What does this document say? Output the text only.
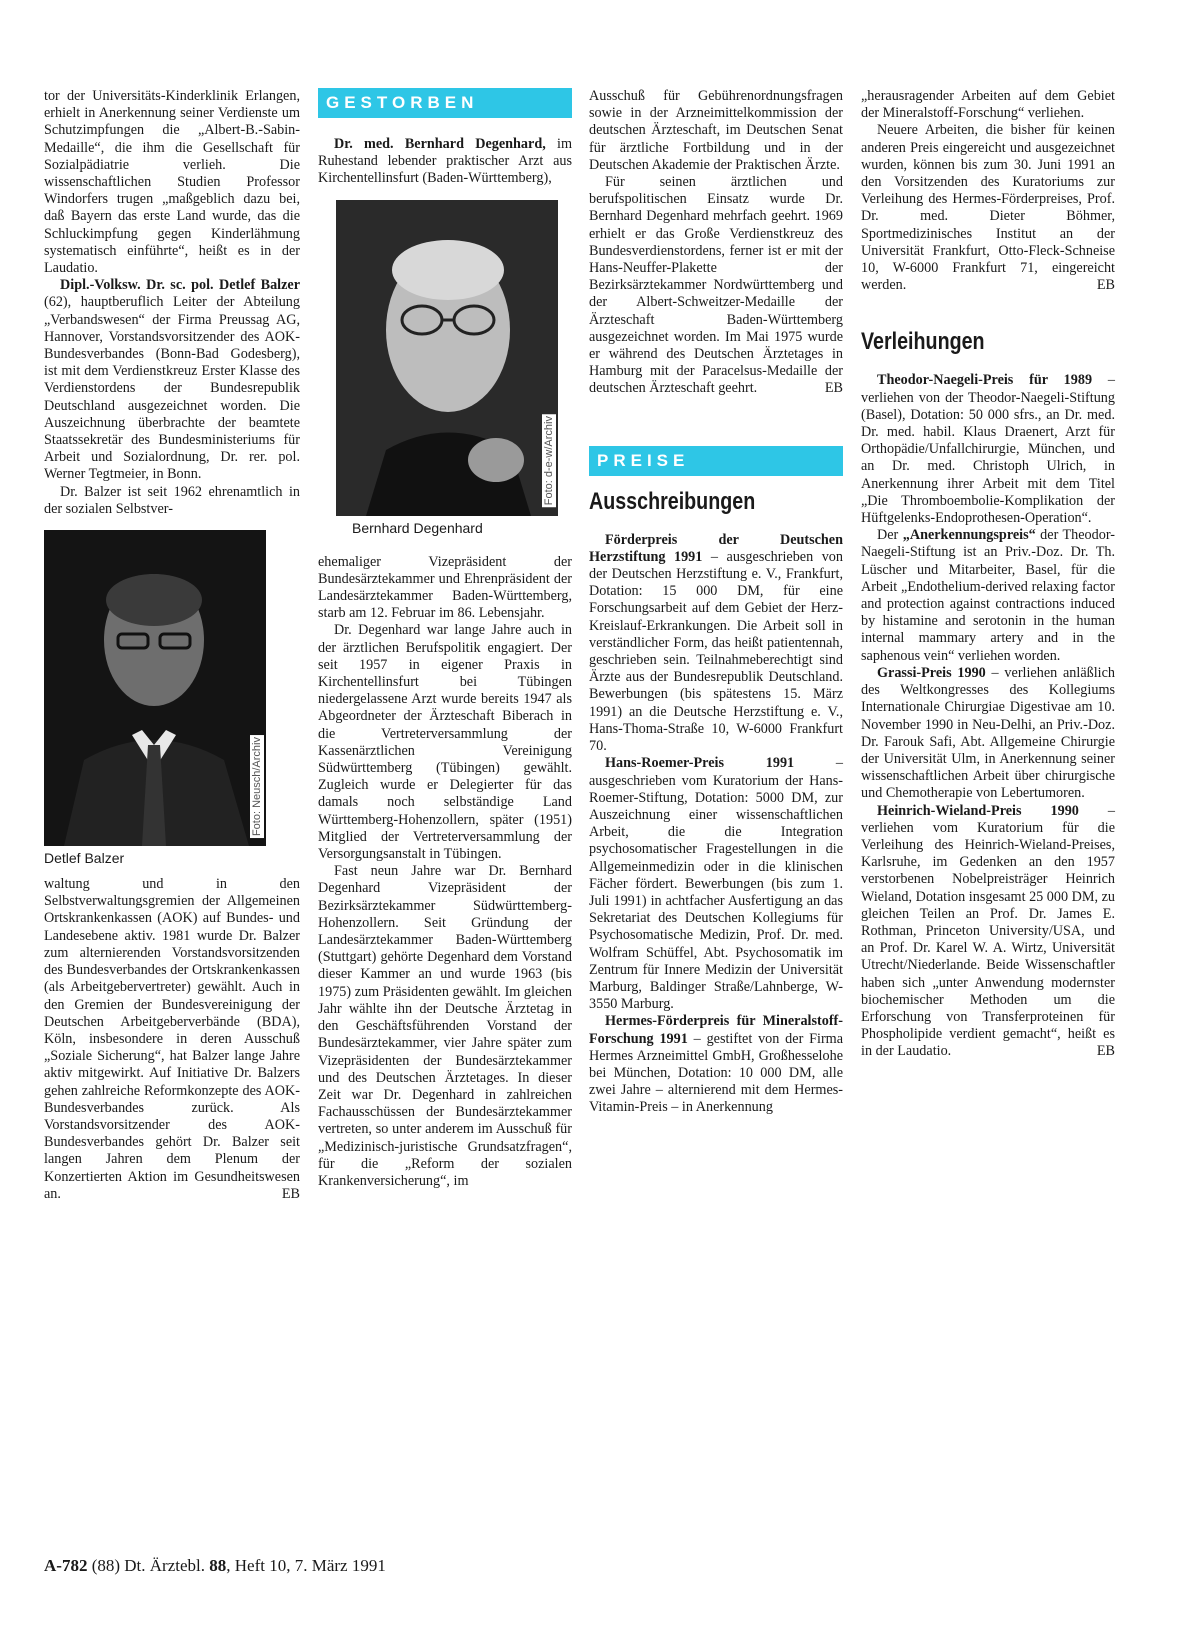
tor der Universitäts-Kinderklinik Erlangen, erhielt in Anerkennung seiner Verdienste um Schutzimpfungen die „Albert-B.-Sabin-Medaille“, die ihm die Gesellschaft für Sozialpädiatrie verlieh. Die wissenschaftlichen Studien Professor Windorfers trugen „maßgeblich dazu bei, daß Bayern das erste Land wurde, das die Schluckimpfung gegen Kinderlähmung systematisch einführte“, heißt es in der Laudatio.

Dipl.-Volksw. Dr. sc. pol. Detlef Balzer (62), hauptberuflich Leiter der Abteilung „Verbandswesen“ der Firma Preussag AG, Hannover, Vorstandsvorsitzender des AOK-Bundesverbandes (Bonn-Bad Godesberg), ist mit dem Verdienstkreuz Erster Klasse des Verdienstordens der Bundesrepublik Deutschland ausgezeichnet worden. Die Auszeichnung überbrachte der beamtete Staatssekretär des Bundesministeriums für Arbeit und Sozialordnung, Dr. rer. pol. Werner Tegtmeier, in Bonn.

Dr. Balzer ist seit 1962 ehrenamtlich in der sozialen Selbstver-

Foto: Neusch/Archiv
Detlef Balzer

waltung und in den Selbstverwaltungsgremien der Allgemeinen Ortskrankenkassen (AOK) auf Bundes- und Landesebene aktiv. 1981 wurde Dr. Balzer zum alternierenden Vorstandsvorsitzenden des Bundesverbandes der Ortskrankenkassen (als Arbeitgebervertreter) gewählt. Auch in den Gremien der Bundesvereinigung der Deutschen Arbeitgeberverbände (BDA), Köln, insbesondere in deren Ausschuß „Soziale Sicherung“, hat Balzer lange Jahre aktiv mitgewirkt. Auf Initiative Dr. Balzers gehen zahlreiche Reformkonzepte des AOK-Bundesverbandes zurück. Als Vorstandsvorsitzender des AOK-Bundesverbandes gehört Dr. Balzer seit langen Jahren dem Plenum der Konzertierten Aktion im Gesundheitswesen an.	EB

GESTORBEN

Dr. med. Bernhard Degenhard, im Ruhestand lebender praktischer Arzt aus Kirchentellinsfurt (Baden-Württemberg),

Foto: d-e-w/Archiv
Bernhard Degenhard

ehemaliger Vizepräsident der Bundesärztekammer und Ehrenpräsident der Landesärztekammer Baden-Württemberg, starb am 12. Februar im 86. Lebensjahr.

Dr. Degenhard war lange Jahre auch in der ärztlichen Berufspolitik engagiert. Der seit 1957 in eigener Praxis in Kirchentellinsfurt bei Tübingen niedergelassene Arzt wurde bereits 1947 als Abgeordneter der Ärzteschaft Biberach in die Vertreterversammlung der Kassenärztlichen Vereinigung Südwürttemberg (Tübingen) gewählt. Zugleich wurde er Delegierter für das damals noch selbständige Land Württemberg-Hohenzollern, später (1951) Mitglied der Vertreterversammlung der Versorgungsanstalt in Tübingen.

Fast neun Jahre war Dr. Bernhard Degenhard Vizepräsident der Bezirksärztekammer Südwürttemberg-Hohenzollern. Seit Gründung der Landesärztekammer Baden-Württemberg (Stuttgart) gehörte Degenhard dem Vorstand dieser Kammer an und wurde 1963 (bis 1975) zum Präsidenten gewählt. Im gleichen Jahr wählte ihn der Deutsche Ärztetag in den Geschäftsführenden Vorstand der Bundesärztekammer, vier Jahre später zum Vizepräsidenten der Bundesärztekammer und des Deutschen Ärztetages. In dieser Zeit war Dr. Degenhard in zahlreichen Fachausschüssen der Bundesärztekammer vertreten, so unter anderem im Ausschuß für „Medizinisch-juristische Grundsatzfragen“, für die „Reform der sozialen Krankenversicherung“, im

Ausschuß für Gebührenordnungsfragen sowie in der Arzneimittelkommission der deutschen Ärzteschaft, im Deutschen Senat für ärztliche Fortbildung und in der Deutschen Akademie der Praktischen Ärzte.

Für seinen ärztlichen und berufspolitischen Einsatz wurde Dr. Bernhard Degenhard mehrfach geehrt. 1969 erhielt er das Große Verdienstkreuz des Bundesverdienstordens, ferner ist er mit der Hans-Neuffer-Plakette der Bezirksärztekammer Nordwürttemberg und der Albert-Schweitzer-Medaille der Ärzteschaft Baden-Württemberg ausgezeichnet worden. Im Mai 1975 wurde er während des Deutschen Ärztetages in Hamburg mit der Paracelsus-Medaille der deutschen Ärzteschaft geehrt.	EB

PREISE
Ausschreibungen

Förderpreis der Deutschen Herzstiftung 1991 – ausgeschrieben von der Deutschen Herzstiftung e. V., Frankfurt, Dotation: 15 000 DM, für eine Forschungsarbeit auf dem Gebiet der Herz-Kreislauf-Erkrankungen. Die Arbeit soll in verständlicher Form, das heißt patientennah, geschrieben sein. Teilnahmeberechtigt sind Ärzte aus der Bundesrepublik Deutschland. Bewerbungen (bis spätestens 15. März 1991) an die Deutsche Herzstiftung e. V., Hans-Thoma-Straße 10, W-6000 Frankfurt 70.

Hans-Roemer-Preis 1991 – ausgeschrieben vom Kuratorium der Hans-Roemer-Stiftung, Dotation: 5000 DM, zur Auszeichnung einer wissenschaftlichen Arbeit, die die Integration psychosomatischer Fragestellungen in die Allgemeinmedizin oder in die klinischen Fächer fördert. Bewerbungen (bis zum 1. Juli 1991) in achtfacher Ausfertigung an das Sekretariat des Deutschen Kollegiums für Psychosomatische Medizin, Prof. Dr. med. Wolfram Schüffel, Abt. Psychosomatik im Zentrum für Innere Medizin der Universität Marburg, Baldinger Straße/Lahnberge, W-3550 Marburg.

Hermes-Förderpreis für Mineralstoff-Forschung 1991 – gestiftet von der Firma Hermes Arzneimittel GmbH, Großhesselohe bei München, Dotation: 10 000 DM, alle zwei Jahre – alternierend mit dem Hermes-Vitamin-Preis – in Anerkennung

„herausragender Arbeiten auf dem Gebiet der Mineralstoff-Forschung“ verliehen.

Neuere Arbeiten, die bisher für keinen anderen Preis eingereicht und ausgezeichnet wurden, können bis zum 30. Juni 1991 an den Vorsitzenden des Kuratoriums zur Verleihung des Hermes-Förderpreises, Prof. Dr. med. Dieter Böhmer, Sportmedizinisches Institut an der Universität Frankfurt, Otto-Fleck-Schneise 10, W-6000 Frankfurt 71, eingereicht werden.	EB

Verleihungen

Theodor-Naegeli-Preis für 1989 – verliehen von der Theodor-Naegeli-Stiftung (Basel), Dotation: 50 000 sfrs., an Dr. med. Dr. med. habil. Klaus Draenert, Arzt für Orthopädie/Unfallchirurgie, München, und an Dr. med. Christoph Ulrich, in Anerkennung ihrer Arbeit mit dem Titel „Die Thromboembolie-Komplikation der Hüftgelenks-Endoprothesen-Operation“.

Der „Anerkennungspreis“ der Theodor-Naegeli-Stiftung ist an Priv.-Doz. Dr. Th. Lüscher und Mitarbeiter, Basel, für die Arbeit „Endothelium-derived relaxing factor and protection against contractions induced by histamine and serotonin in the human internal mammary artery and in the saphenous vein“ verliehen worden.

Grassi-Preis 1990 – verliehen anläßlich des Weltkongresses des Kollegiums Internationale Chirurgiae Digestivae am 10. November 1990 in Neu-Delhi, an Priv.-Doz. Dr. Farouk Safi, Abt. Allgemeine Chirurgie der Universität Ulm, in Anerkennung seiner wissenschaftlichen Arbeit über chirurgische und Chemotherapie von Lebertumoren.

Heinrich-Wieland-Preis 1990 – verliehen vom Kuratorium für die Verleihung des Heinrich-Wieland-Preises, Karlsruhe, im Gedenken an den 1957 verstorbenen Nobelpreisträger Heinrich Wieland, Dotation insgesamt 25 000 DM, zu gleichen Teilen an Prof. Dr. James E. Rothman, Princeton University/USA, und an Prof. Dr. Karel W. A. Wirtz, Universität Utrecht/Niederlande. Beide Wissenschaftler haben sich „unter Anwendung modernster biochemischer Methoden um die Erforschung von Transferproteinen für Phospholipide verdient gemacht“, heißt es in der Laudatio.	EB

A-782 (88) Dt. Ärztebl. 88, Heft 10, 7. März 1991
